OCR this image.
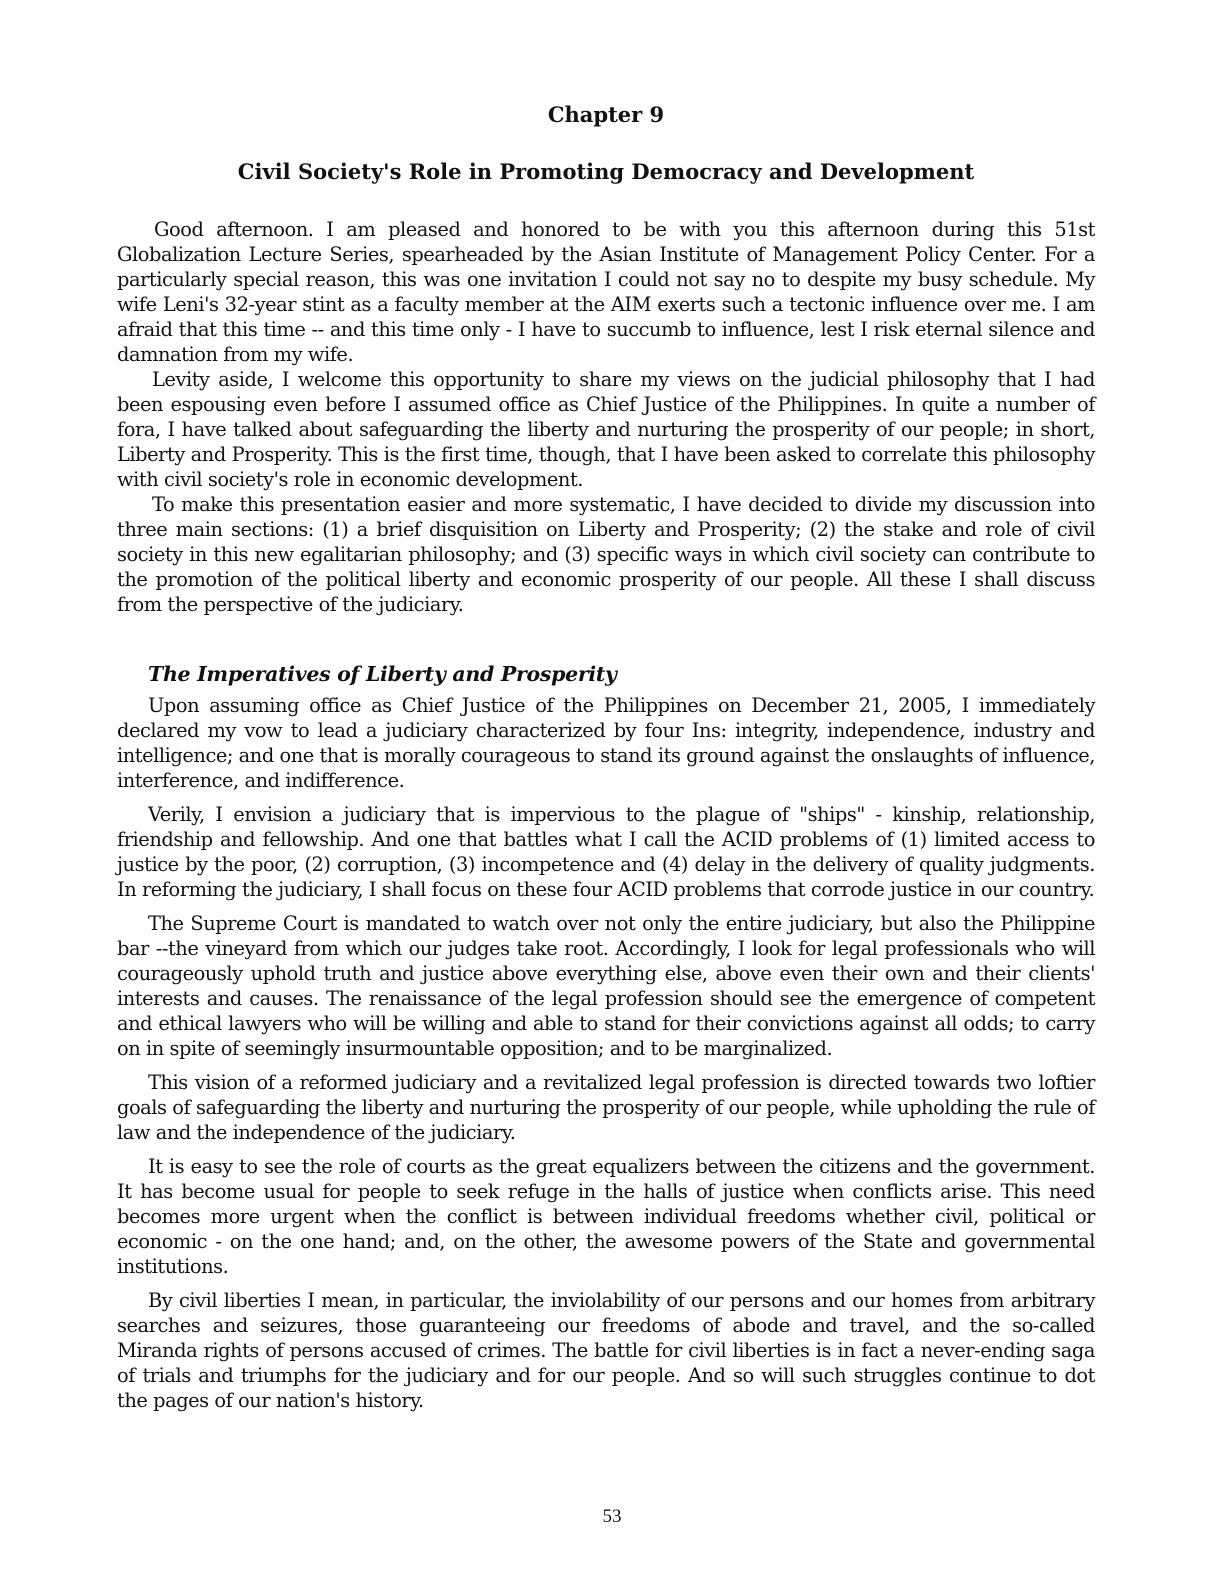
Chapter 9
Civil Society's Role in Promoting Democracy and Development

Good afternoon. I am pleased and honored to be with you this afternoon during this 51st Globalization Lecture Series, spearheaded by the Asian Institute of Management Policy Center. For a particularly special reason, this was one invitation I could not say no to despite my busy schedule. My wife Leni's 32-year stint as a faculty member at the AIM exerts such a tectonic influence over me. I am afraid that this time -- and this time only - I have to succumb to influence, lest I risk eternal silence and damnation from my wife.

Levity aside, I welcome this opportunity to share my views on the judicial philosophy that I had been espousing even before I assumed office as Chief Justice of the Philippines. In quite a number of fora, I have talked about safeguarding the liberty and nurturing the prosperity of our people; in short, Liberty and Prosperity. This is the first time, though, that I have been asked to correlate this philosophy with civil society's role in economic development.

To make this presentation easier and more systematic, I have decided to divide my discussion into three main sections: (1) a brief disquisition on Liberty and Prosperity; (2) the stake and role of civil society in this new egalitarian philosophy; and (3) specific ways in which civil society can contribute to the promotion of the political liberty and economic prosperity of our people. All these I shall discuss from the perspective of the judiciary.

The Imperatives of Liberty and Prosperity

Upon assuming office as Chief Justice of the Philippines on December 21, 2005, I immediately declared my vow to lead a judiciary characterized by four Ins: integrity, independence, industry and intelligence; and one that is morally courageous to stand its ground against the onslaughts of influence, interference, and indifference.

Verily, I envision a judiciary that is impervious to the plague of "ships" - kinship, relationship, friendship and fellowship. And one that battles what I call the ACID problems of (1) limited access to justice by the poor, (2) corruption, (3) incompetence and (4) delay in the delivery of quality judgments. In reforming the judiciary, I shall focus on these four ACID problems that corrode justice in our country.

The Supreme Court is mandated to watch over not only the entire judiciary, but also the Philippine bar --the vineyard from which our judges take root. Accordingly, I look for legal professionals who will courageously uphold truth and justice above everything else, above even their own and their clients' interests and causes. The renaissance of the legal profession should see the emergence of competent and ethical lawyers who will be willing and able to stand for their convictions against all odds; to carry on in spite of seemingly insurmountable opposition; and to be marginalized.

This vision of a reformed judiciary and a revitalized legal profession is directed towards two loftier goals of safeguarding the liberty and nurturing the prosperity of our people, while upholding the rule of law and the independence of the judiciary.

It is easy to see the role of courts as the great equalizers between the citizens and the government. It has become usual for people to seek refuge in the halls of justice when conflicts arise. This need becomes more urgent when the conflict is between individual freedoms whether civil, political or economic - on the one hand; and, on the other, the awesome powers of the State and governmental institutions.

By civil liberties I mean, in particular, the inviolability of our persons and our homes from arbitrary searches and seizures, those guaranteeing our freedoms of abode and travel, and the so-called Miranda rights of persons accused of crimes. The battle for civil liberties is in fact a never-ending saga of trials and triumphs for the judiciary and for our people. And so will such struggles continue to dot the pages of our nation's history.

53
